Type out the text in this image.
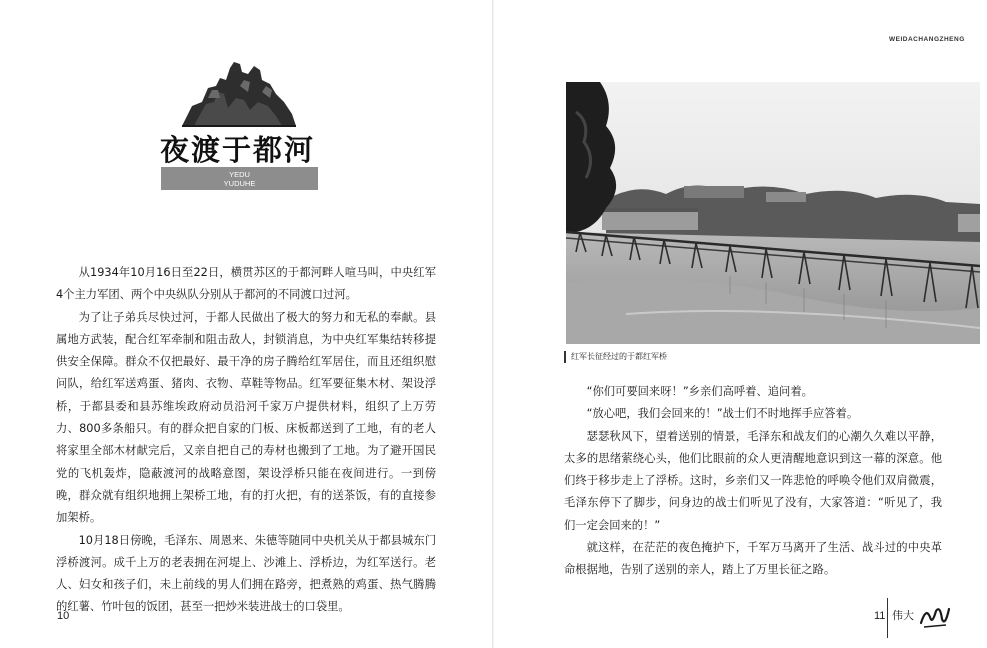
夜渡于都河
YEDU
YUDUHE

从1934年10月16日至22日，横贯苏区的于都河畔人喧马叫，中央红军4个主力军团、两个中央纵队分别从于都河的不同渡口过河。

为了让子弟兵尽快过河，于都人民做出了极大的努力和无私的奉献。县属地方武装，配合红军牵制和阻击敌人，封锁消息，为中央红军集结转移提供安全保障。群众不仅把最好、最干净的房子腾给红军居住，而且还组织慰问队，给红军送鸡蛋、猪肉、衣物、草鞋等物品。红军要征集木材、架设浮桥，于都县委和县苏维埃政府动员沿河千家万户提供材料，组织了上万劳力、800多条船只。有的群众把自家的门板、床板都送到了工地，有的老人将家里全部木材献完后，又亲自把自己的寿材也搬到了工地。为了避开国民党的飞机轰炸，隐蔽渡河的战略意图，架设浮桥只能在夜间进行。一到傍晚，群众就有组织地拥上架桥工地，有的打火把，有的送茶饭，有的直接参加架桥。

10月18日傍晚，毛泽东、周恩来、朱德等随同中央机关从于都县城东门浮桥渡河。成千上万的老表拥在河堤上、沙滩上、浮桥边，为红军送行。老人、妇女和孩子们，未上前线的男人们拥在路旁，把煮熟的鸡蛋、热气腾腾的红薯、竹叶包的饭团，甚至一把炒米装进战士的口袋里。

10
WEIDACHANGZHENG
红军长征经过的于都红军桥

“你们可要回来呀！”乡亲们高呼着、追问着。

“放心吧，我们会回来的！”战士们不时地挥手应答着。

瑟瑟秋风下，望着送别的情景，毛泽东和战友们的心潮久久难以平静，太多的思绪萦绕心头，他们比眼前的众人更清醒地意识到这一幕的深意。他们终于移步走上了浮桥。这时，乡亲们又一阵悲怆的呼唤令他们双肩微震，毛泽东停下了脚步，问身边的战士们听见了没有，大家答道：“听见了，我们一定会回来的！”

就这样，在茫茫的夜色掩护下，千军万马离开了生活、战斗过的中央革命根据地，告别了送别的亲人，踏上了万里长征之路。

11 伟大
